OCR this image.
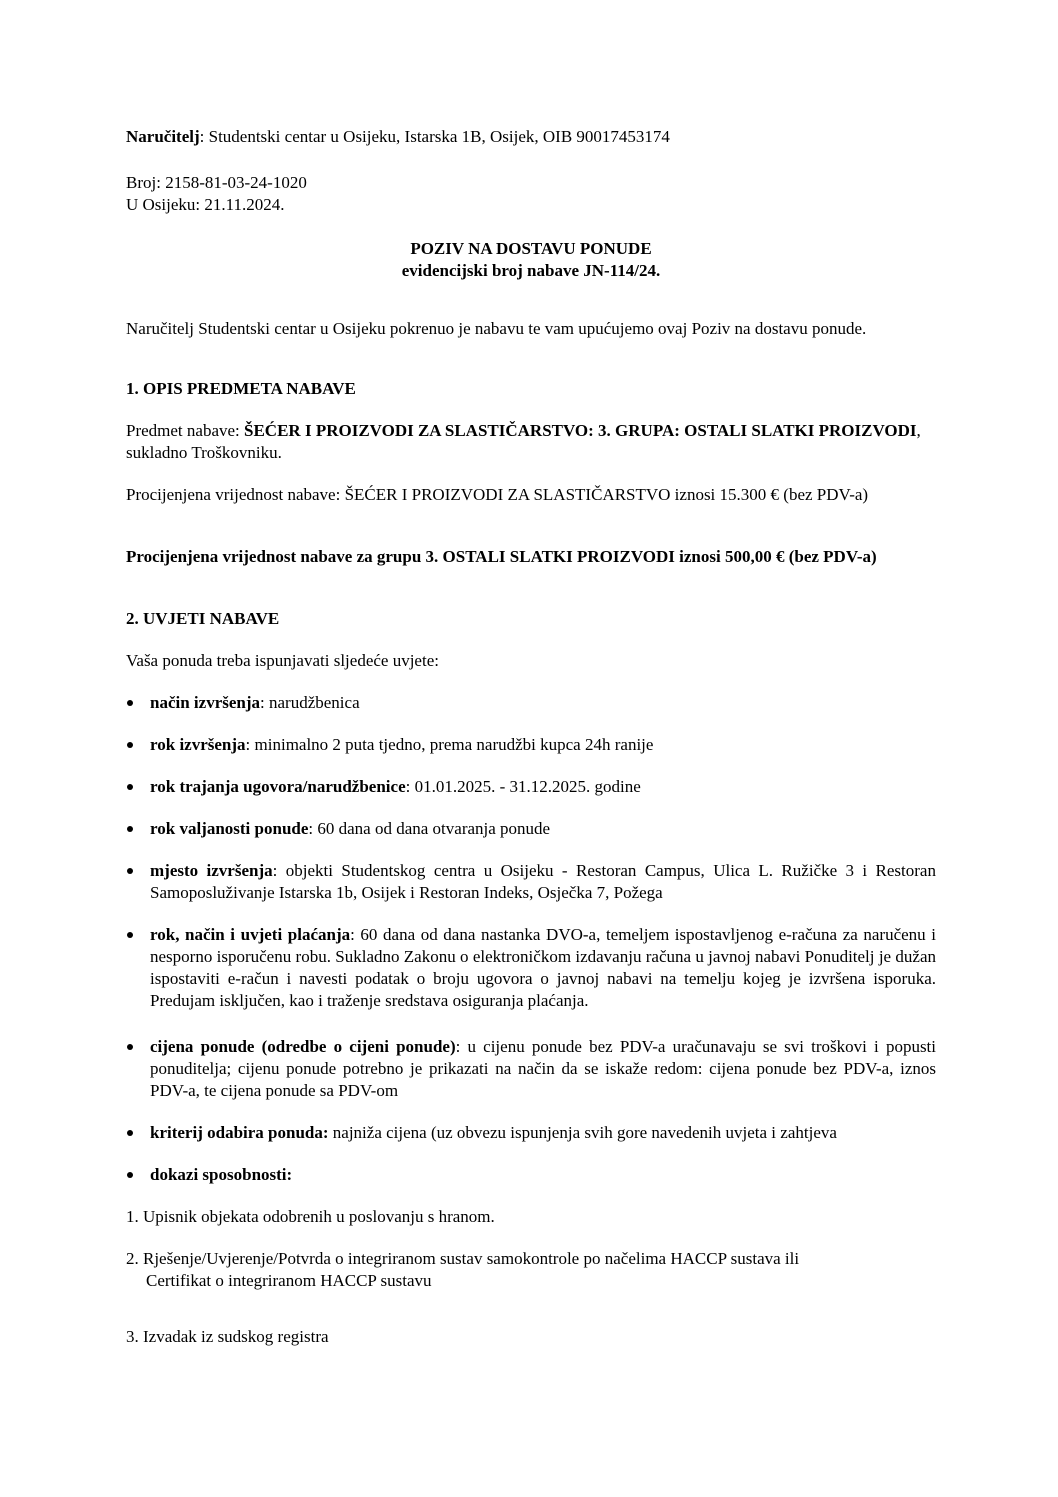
Naručitelj: Studentski centar u Osijeku, Istarska 1B, Osijek, OIB 90017453174

Broj: 2158-81-03-24-1020

U Osijeku: 21.11.2024.

POZIV NA DOSTAVU PONUDE

evidencijski broj nabave JN-114/24.

Naručitelj Studentski centar u Osijeku pokrenuo je nabavu te vam upućujemo ovaj Poziv na dostavu ponude.

1. OPIS PREDMETA NABAVE

Predmet nabave: ŠEĆER I PROIZVODI ZA SLASTIČARSTVO: 3. GRUPA: OSTALI SLATKI PROIZVODI, sukladno Troškovniku.

Procijenjena vrijednost nabave: ŠEĆER I PROIZVODI ZA SLASTIČARSTVO iznosi 15.300 € (bez PDV-a)

Procijenjena vrijednost nabave za grupu 3. OSTALI SLATKI PROIZVODI iznosi 500,00 € (bez PDV-a)

2. UVJETI NABAVE

Vaša ponuda treba ispunjavati sljedeće uvjete:

način izvršenja: narudžbenica
rok izvršenja: minimalno 2 puta tjedno, prema narudžbi kupca 24h ranije
rok trajanja ugovora/narudžbenice: 01.01.2025. - 31.12.2025. godine
rok valjanosti ponude: 60 dana od dana otvaranja ponude
mjesto izvršenja: objekti Studentskog centra u Osijeku - Restoran Campus, Ulica L. Ružičke 3 i Restoran Samoposluživanje Istarska 1b, Osijek i Restoran Indeks, Osječka 7, Požega
rok, način i uvjeti plaćanja: 60 dana od dana nastanka DVO-a, temeljem ispostavljenog e-računa za naručenu i nesporno isporučenu robu. Sukladno Zakonu o elektroničkom izdavanju računa u javnoj nabavi Ponuditelj je dužan ispostaviti e-račun i navesti podatak o broju ugovora o javnoj nabavi na temelju kojeg je izvršena isporuka. Predujam isključen, kao i traženje sredstava osiguranja plaćanja.
cijena ponude (odredbe o cijeni ponude): u cijenu ponude bez PDV-a uračunavaju se svi troškovi i popusti ponuditelja; cijenu ponude potrebno je prikazati na način da se iskaže redom: cijena ponude bez PDV-a, iznos PDV-a, te cijena ponude sa PDV-om
kriterij odabira ponuda: najniža cijena (uz obvezu ispunjenja svih gore navedenih uvjeta i zahtjeva
dokazi sposobnosti:

1. Upisnik objekata odobrenih u poslovanju s hranom.

2. Rješenje/Uvjerenje/Potvrda o integriranom sustav samokontrole po načelima HACCP sustava ili

Certifikat o integriranom HACCP sustavu

3. Izvadak iz sudskog registra
